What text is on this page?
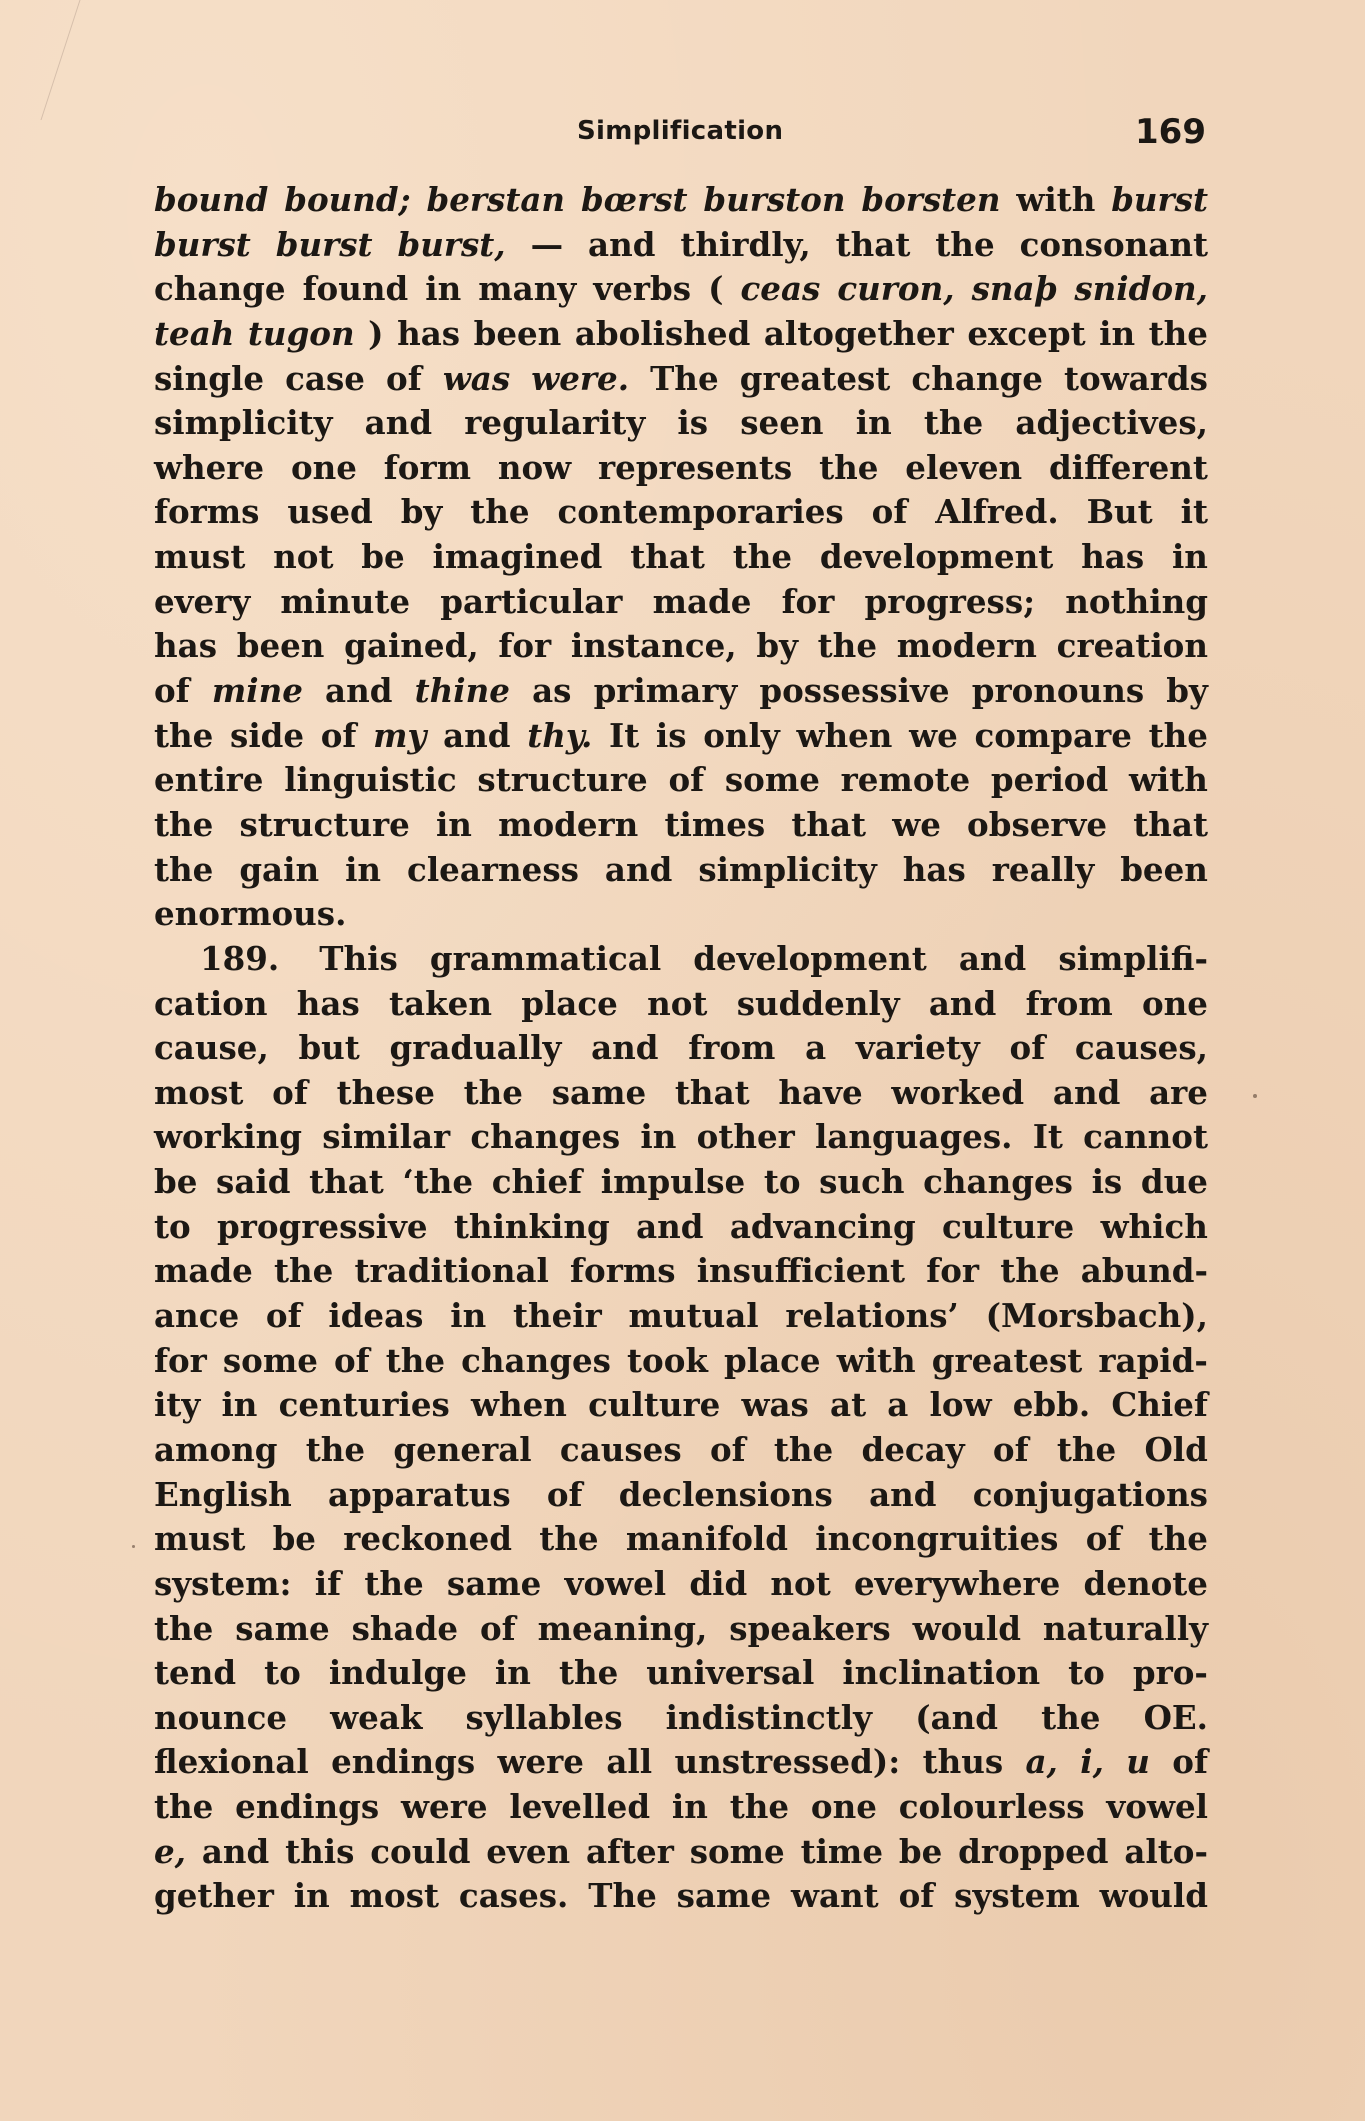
Simplification	169
bound bound; berstan bœrst burston borsten with burst
burst burst burst, — and thirdly, that the consonant
change found in many verbs ( ceas curon, snaþ snidon,
teah tugon ) has been abolished altogether except in the
single case of was were. The greatest change towards
simplicity and regularity is seen in the adjectives,
where one form now represents the eleven different
forms used by the contemporaries of Alfred. But it
must not be imagined that the development has in
every minute particular made for progress; nothing
has been gained, for instance, by the modern creation
of mine and thine as primary possessive pronouns by
the side of my and thy. It is only when we compare the
entire linguistic structure of some remote period with
the structure in modern times that we observe that
the gain in clearness and simplicity has really been
enormous.
189. This grammatical development and simplifi-
cation has taken place not suddenly and from one
cause, but gradually and from a variety of causes,
most of these the same that have worked and are
working similar changes in other languages. It cannot
be said that ‘the chief impulse to such changes is due
to progressive thinking and advancing culture which
made the traditional forms insufficient for the abund-
ance of ideas in their mutual relations’ (Morsbach),
for some of the changes took place with greatest rapid-
ity in centuries when culture was at a low ebb. Chief
among the general causes of the decay of the Old
English apparatus of declensions and conjugations
must be reckoned the manifold incongruities of the
system: if the same vowel did not everywhere denote
the same shade of meaning, speakers would naturally
tend to indulge in the universal inclination to pro-
nounce weak syllables indistinctly (and the OE.
flexional endings were all unstressed): thus a, i, u of
the endings were levelled in the one colourless vowel
e, and this could even after some time be dropped alto-
gether in most cases. The same want of system would
